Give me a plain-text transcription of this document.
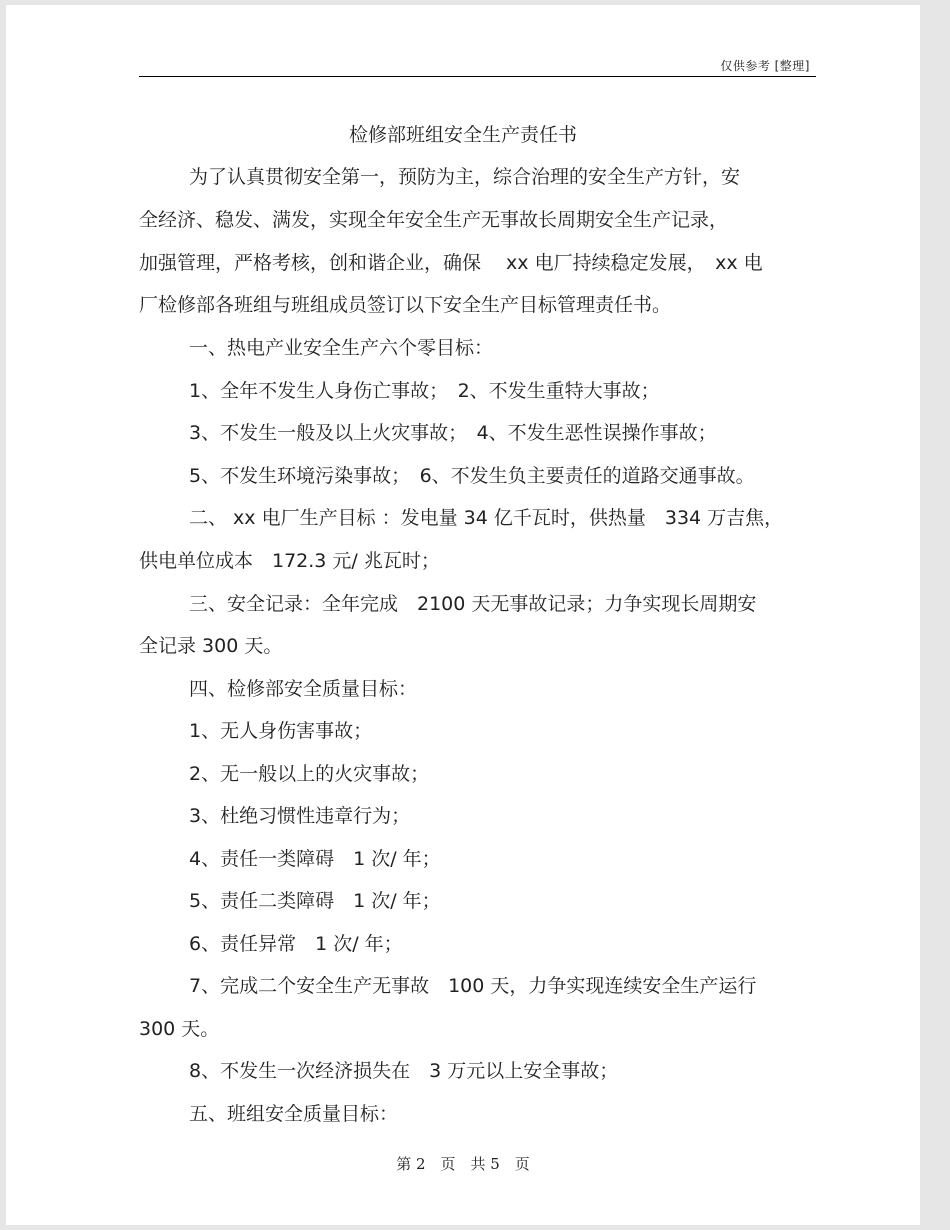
仅供参考 [整理]
检修部班组安全生产责任书
为了认真贯彻安全第一，预防为主，综合治理的安全生产方针，安
全经济、稳发、满发，实现全年安全生产无事故长周期安全生产记录，
加强管理，严格考核，创和谐企业，确保　 xx 电厂持续稳定发展，　xx 电
厂检修部各班组与班组成员签订以下安全生产目标管理责任书。
一、热电产业安全生产六个零目标：
1、全年不发生人身伤亡事故；　2、不发生重特大事故；
3、不发生一般及以上火灾事故；　4、不发生恶性误操作事故；
5、不发生环境污染事故；　6、不发生负主要责任的道路交通事故。
二、 xx 电厂生产目标 ：发电量 34 亿千瓦时，供热量　334 万吉焦，
供电单位成本　172.3 元/ 兆瓦时；
三、安全记录：全年完成　2100 天无事故记录；力争实现长周期安
全记录 300 天。
四、检修部安全质量目标：
1、无人身伤害事故；
2、无一般以上的火灾事故；
3、杜绝习惯性违章行为；
4、责任一类障碍　1 次/ 年；
5、责任二类障碍　1 次/ 年；
6、责任异常　1 次/ 年；
7、完成二个安全生产无事故　100 天，力争实现连续安全生产运行
300 天。
8、不发生一次经济损失在　3 万元以上安全事故；
五、班组安全质量目标：
第 2　页　共 5　页
